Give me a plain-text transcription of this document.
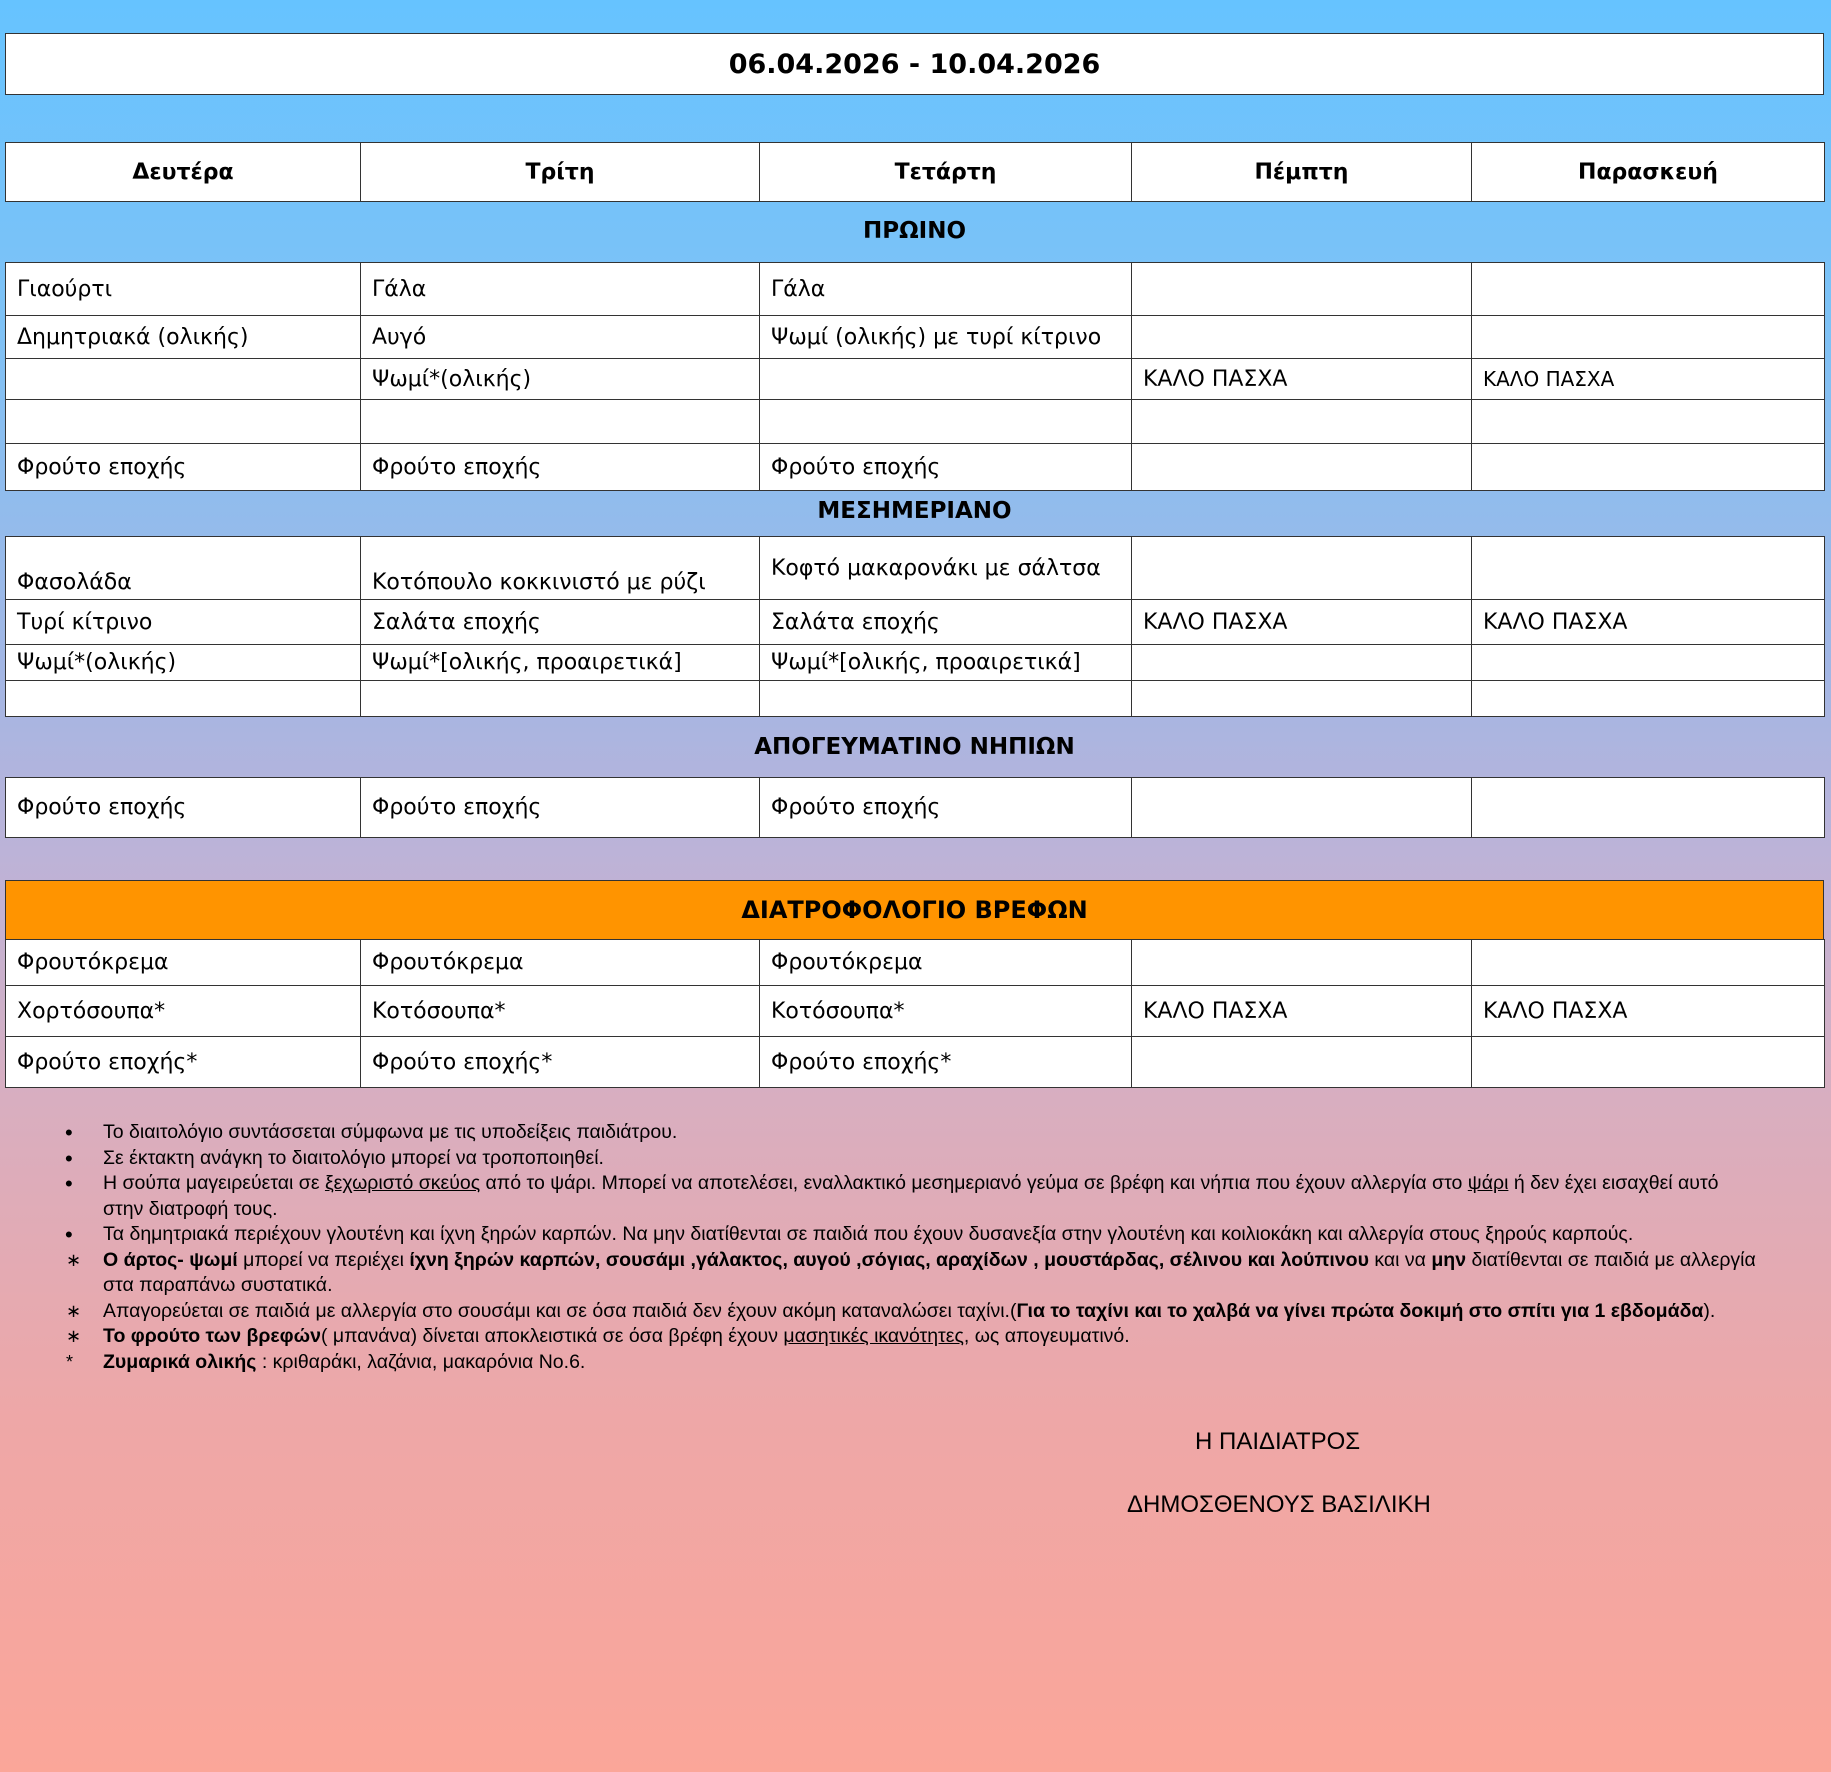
06.04.2026 - 10.04.2026
Δευτέρα	Τρίτη	Τετάρτη	Πέμπτη	Παρασκευή
ΠΡΩΙΝΟ
Γιαούρτι	Γάλα	Γάλα		
Δημητριακά (ολικής)	Αυγό	Ψωμί (ολικής) με τυρί κίτρινο		
	Ψωμί*(ολικής)		ΚΑΛΟ ΠΑΣΧΑ	ΚΑΛΟ ΠΑΣΧΑ

Φρούτο εποχής	Φρούτο εποχής	Φρούτο εποχής		
ΜΕΣΗΜΕΡΙΑΝΟ
Φασολάδα	Κοτόπουλο κοκκινιστό με ρύζι	Κοφτό μακαρονάκι με σάλτσα		
Τυρί κίτρινο	Σαλάτα εποχής	Σαλάτα εποχής	ΚΑΛΟ ΠΑΣΧΑ	ΚΑΛΟ ΠΑΣΧΑ
Ψωμί*(ολικής)	Ψωμί*[ολικής, προαιρετικά]	Ψωμί*[ολικής, προαιρετικά]		

ΑΠΟΓΕΥΜΑΤΙΝΟ ΝΗΠΙΩΝ
Φρούτο εποχής	Φρούτο εποχής	Φρούτο εποχής		
ΔΙΑΤΡΟΦΟΛΟΓΙΟ ΒΡΕΦΩΝ
Φρουτόκρεμα	Φρουτόκρεμα	Φρουτόκρεμα		
Χορτόσουπα*	Κοτόσουπα*	Κοτόσουπα*	ΚΑΛΟ ΠΑΣΧΑ	ΚΑΛΟ ΠΑΣΧΑ
Φρούτο εποχής*	Φρούτο εποχής*	Φρούτο εποχής*		
• Το διαιτολόγιο συντάσσεται σύμφωνα με τις υποδείξεις παιδιάτρου.
• Σε έκτακτη ανάγκη το διαιτολόγιο μπορεί να τροποποιηθεί.
• Η σούπα μαγειρεύεται σε ξεχωριστό σκεύος από το ψάρι. Μπορεί να αποτελέσει, εναλλακτικό μεσημεριανό γεύμα σε βρέφη και νήπια που έχουν αλλεργία στο ψάρι ή δεν έχει εισαχθεί αυτό στην διατροφή τους.
• Τα δημητριακά περιέχουν γλουτένη και ίχνη ξηρών καρπών. Να μην διατίθενται σε παιδιά που έχουν δυσανεξία στην γλουτένη και κοιλιοκάκη και αλλεργία στους ξηρούς καρπούς.
∗ Ο άρτος- ψωμί μπορεί να περιέχει ίχνη ξηρών καρπών, σουσάμι ,γάλακτος, αυγού ,σόγιας, αραχίδων , μουστάρδας, σέλινου και λούπινου και να μην διατίθενται σε παιδιά με αλλεργία στα παραπάνω συστατικά.
∗ Απαγορεύεται σε παιδιά με αλλεργία στο σουσάμι και σε όσα παιδιά δεν έχουν ακόμη καταναλώσει ταχίνι.(Για το ταχίνι και το χαλβά να γίνει πρώτα δοκιμή στο σπίτι για 1 εβδομάδα).
∗ Το φρούτο των βρεφών( μπανάνα) δίνεται αποκλειστικά σε όσα βρέφη έχουν μασητικές ικανότητες, ως απογευματινό.
* Ζυμαρικά ολικής : κριθαράκι, λαζάνια, μακαρόνια Νο.6.
Η ΠΑΙΔΙΑΤΡΟΣ
ΔΗΜΟΣΘΕΝΟΥΣ ΒΑΣΙΛΙΚΗ
